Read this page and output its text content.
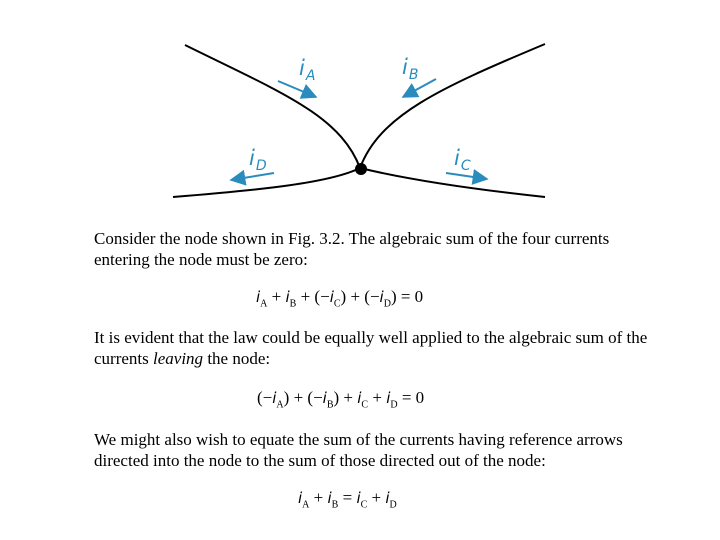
$i_A$	$i_B$
$i_D$	$i_C$

Consider the node shown in Fig. 3.2. The algebraic sum of the four currents entering the node must be zero:

$i_A + i_B + (-i_C) + (-i_D) = 0$

It is evident that the law could be equally well applied to the algebraic sum of the currents leaving the node:

$(-i_A) + (-i_B) + i_C + i_D = 0$

We might also wish to equate the sum of the currents having reference arrows directed into the node to the sum of those directed out of the node:

$i_A + i_B = i_C + i_D$
